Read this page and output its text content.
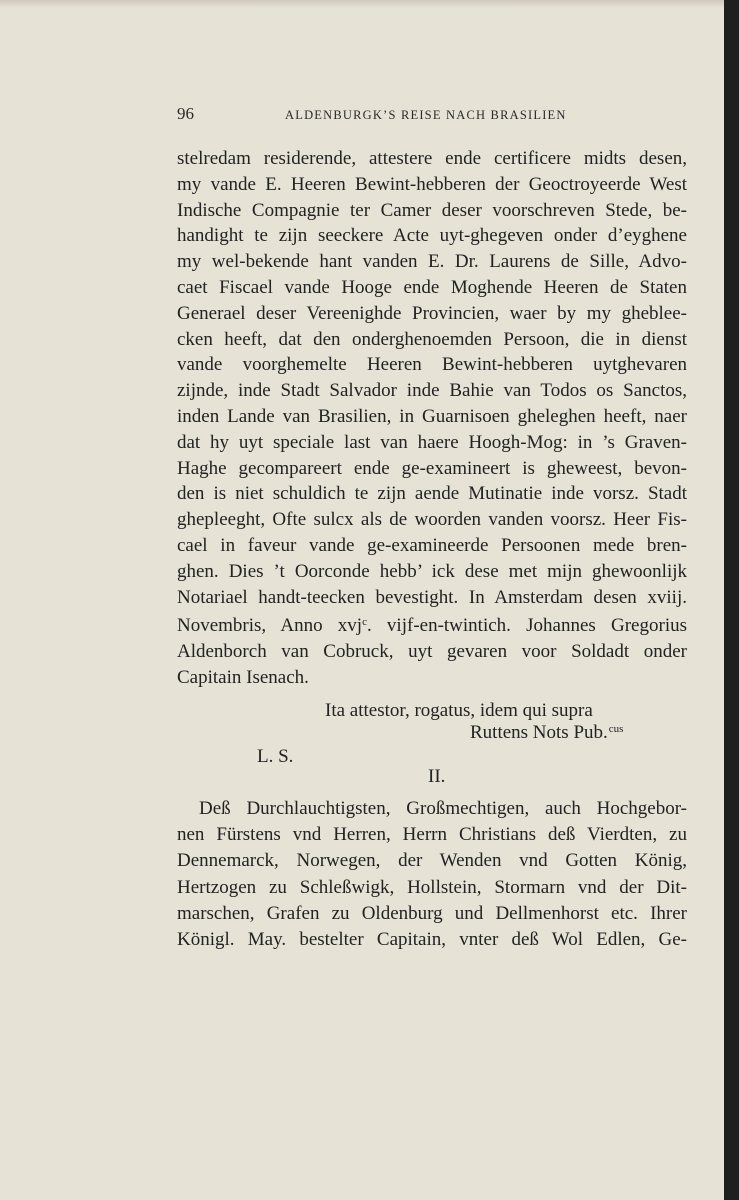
96	ALDENBURGK’S REISE NACH BRASILIEN
stelredam residerende, attestere ende certificere midts desen,
my vande E. Heeren Bewint-hebberen der Geoctroyeerde West
Indische Compagnie ter Camer deser voorschreven Stede, be-
handight te zijn seeckere Acte uyt-ghegeven onder d’eyghene
my wel-bekende hant vanden E. Dr. Laurens de Sille, Advo-
caet Fiscael vande Hooge ende Moghende Heeren de Staten
Generael deser Vereenighde Provincien, waer by my ghebleе-
cken heeft, dat den onderghenoemden Persoon, die in dienst
vande voorghemelte Heeren Bewint-hebberen uytghevaren
zijnde, inde Stadt Salvador inde Bahie van Todos os Sanctos,
inden Lande van Brasilien, in Guarnisoen gheleghen heeft, naer
dat hy uyt speciale last van haere Hoogh-Mog: in ’s Graven-
Haghe gecompareert ende ge-examineert is gheweest, bevon-
den is niet schuldich te zijn aende Mutinatie inde vorsz. Stadt
ghepleeght, Ofte sulcx als de woorden vanden voorsz. Heer Fis-
cael in faveur vande ge-examineerde Persoonen mede bren-
ghen. Dies ’t Oorconde hebb’ ick dese met mijn ghewoonlijk
Notariael handt-teecken bevestight. In Amsterdam desen xviij.
Novembris, Anno xvj$^c$. vijf-en-twintich. Johannes Gregorius
Aldenborch van Cobruck, uyt gevaren voor Soldadt onder
Capitain Isenach.
Ita attestor, rogatus, idem qui supra
Ruttens Nots Pub.$^{cus}$
L. S.
II.
Deß Durchlauchtigsten, Großmechtigen, auch Hochgebor-
nen Fürstens vnd Herren, Herrn Christians deß Vierdten, zu
Dennemarck, Norwegen, der Wenden vnd Gotten König,
Hertzogen zu Schleßwigk, Hollstein, Stormarn vnd der Dit-
marschen, Grafen zu Oldenburg und Dellmenhorst etc. Ihrer
Königl. May. bestelter Capitain, vnter deß Wol Edlen, Ge-
